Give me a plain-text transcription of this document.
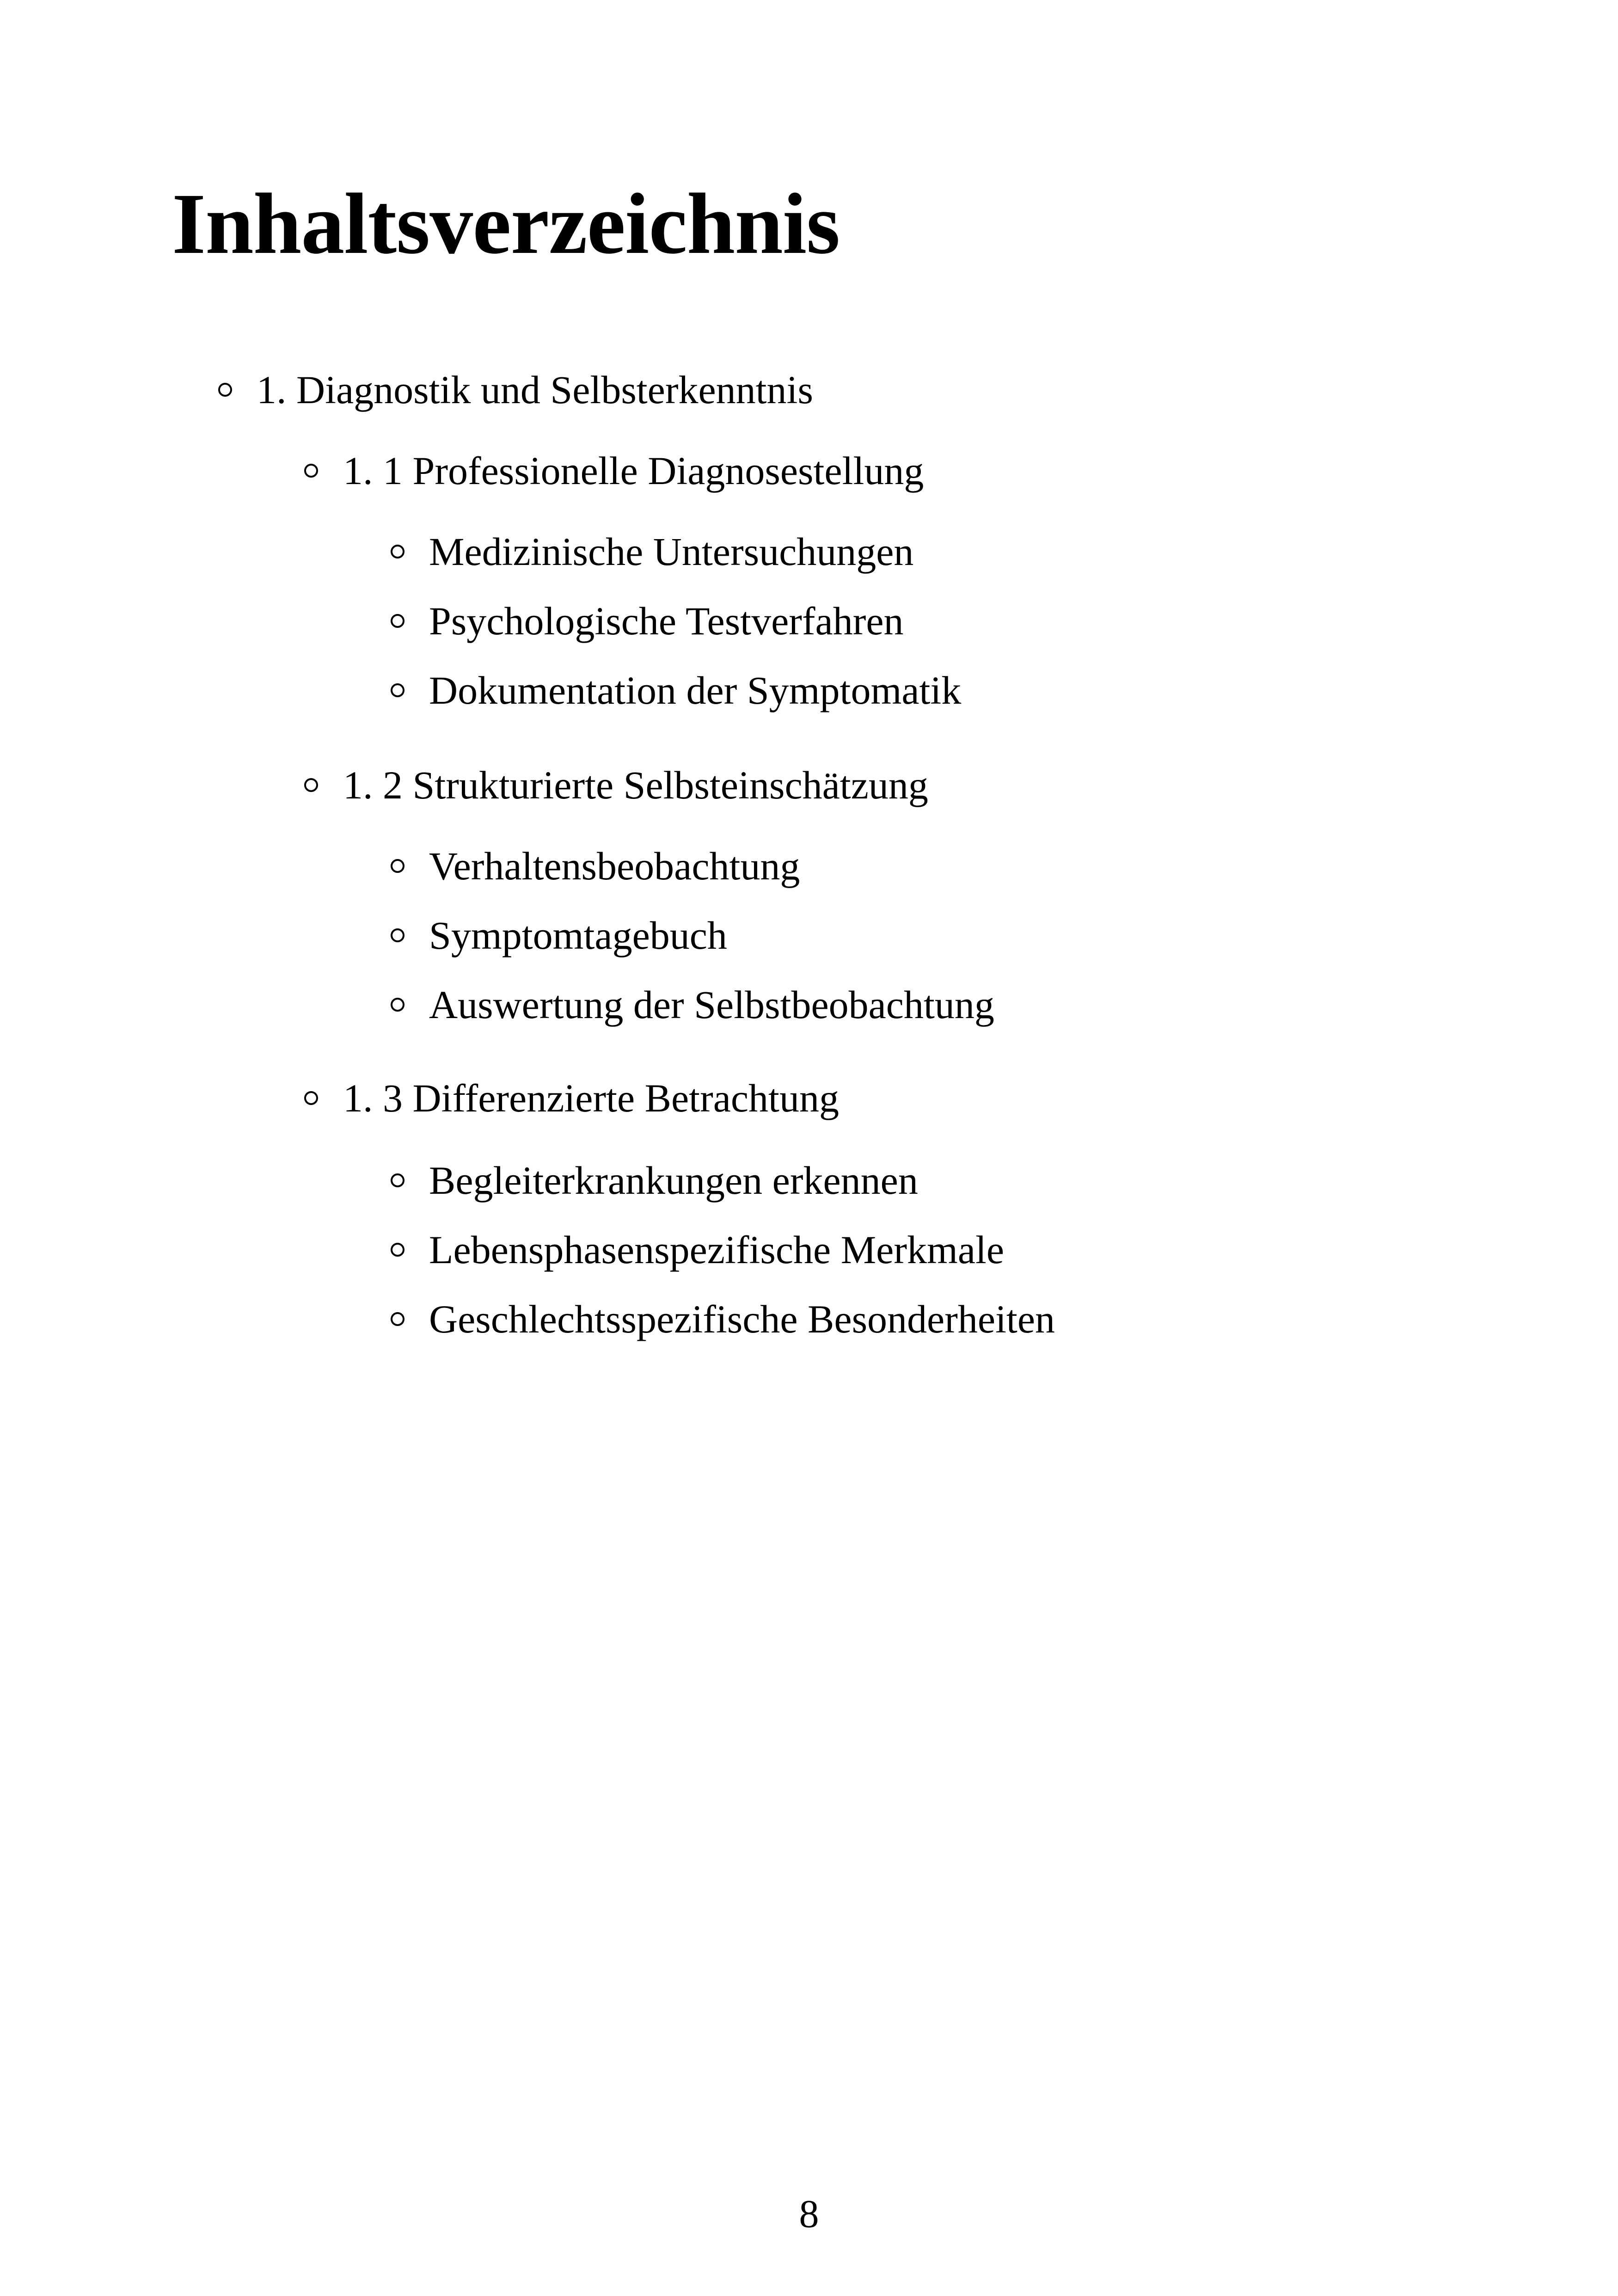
Inhaltsverzeichnis
1. Diagnostik und Selbsterkenntnis
1. 1 Professionelle Diagnosestellung
Medizinische Untersuchungen
Psychologische Testverfahren
Dokumentation der Symptomatik
1. 2 Strukturierte Selbsteinschätzung
Verhaltensbeobachtung
Symptomtagebuch
Auswertung der Selbstbeobachtung
1. 3 Differenzierte Betrachtung
Begleiterkrankungen erkennen
Lebensphasenspezifische Merkmale
Geschlechtsspezifische Besonderheiten
8
